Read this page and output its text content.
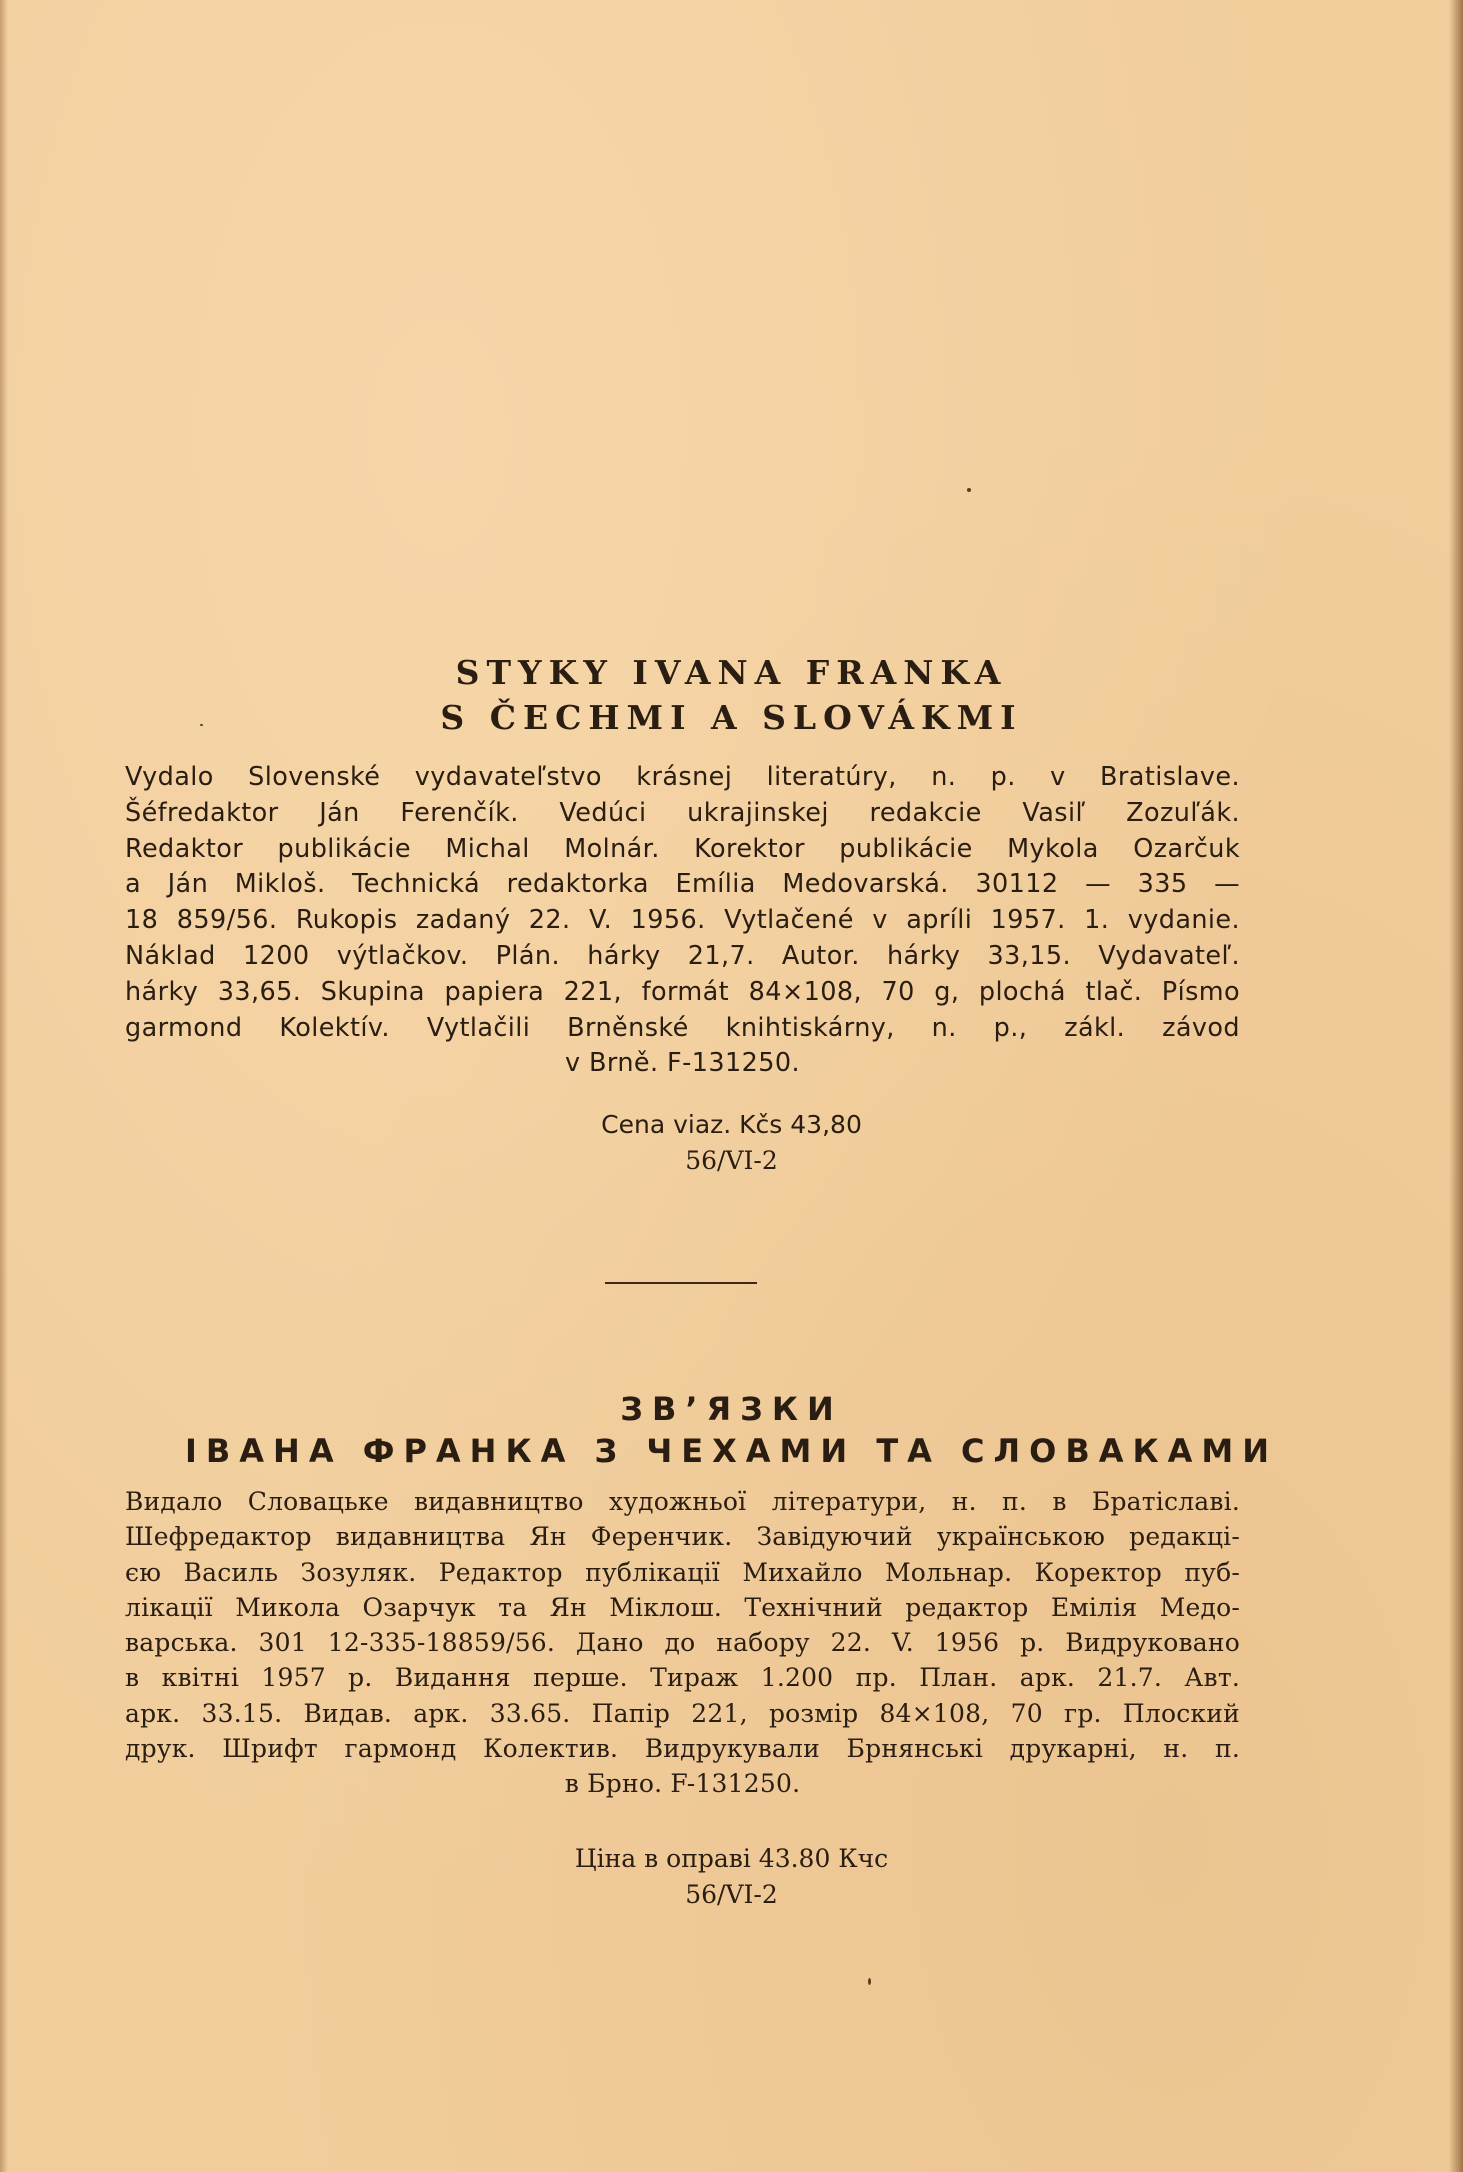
STYKY IVANA FRANKA
S ČECHMI A SLOVÁKMI
Vydalo Slovenské vydavateľstvo krásnej literatúry, n. p. v Bratislave.
Šéfredaktor Ján Ferenčík. Vedúci ukrajinskej redakcie Vasiľ Zozuľák.
Redaktor publikácie Michal Molnár. Korektor publikácie Mykola Ozarčuk
a Ján Mikloš. Technická redaktorka Emília Medovarská. 30112 — 335 —
18 859/56. Rukopis zadaný 22. V. 1956. Vytlačené v apríli 1957. 1. vydanie.
Náklad 1200 výtlačkov. Plán. hárky 21,7. Autor. hárky 33,15. Vydavateľ.
hárky 33,65. Skupina papiera 221, formát 84×108, 70 g, plochá tlač. Písmo
garmond Kolektív. Vytlačili Brněnské knihtiskárny, n. p., zákl. závod
v Brně. F-131250.
Cena viaz. Kčs 43,80
56/VI-2
ЗВ’ЯЗКИ
ІВАНА ФРАНКА З ЧЕХАМИ ТА СЛОВАКАМИ
Видало Словацьке видавництво художньої літератури, н. п. в Братіславі.
Шефредактор видавництва Ян Ференчик. Завідуючий українською редакці-
єю Василь Зозуляк. Редактор публікації Михайло Мольнар. Коректор пуб-
лікації Микола Озарчук та Ян Міклош. Технічний редактор Емілія Медо-
варська. 301 12-335-18859/56. Дано до набору 22. V. 1956 р. Видруковано
в квітні 1957 р. Видання перше. Тираж 1.200 пр. План. арк. 21.7. Авт.
арк. 33.15. Видав. арк. 33.65. Папір 221, розмір 84×108, 70 гр. Плоский
друк. Шрифт гармонд Колектив. Видрукували Брнянські друкарні, н. п.
в Брно. F-131250.
Ціна в оправі 43.80 Кчс
56/VI-2
